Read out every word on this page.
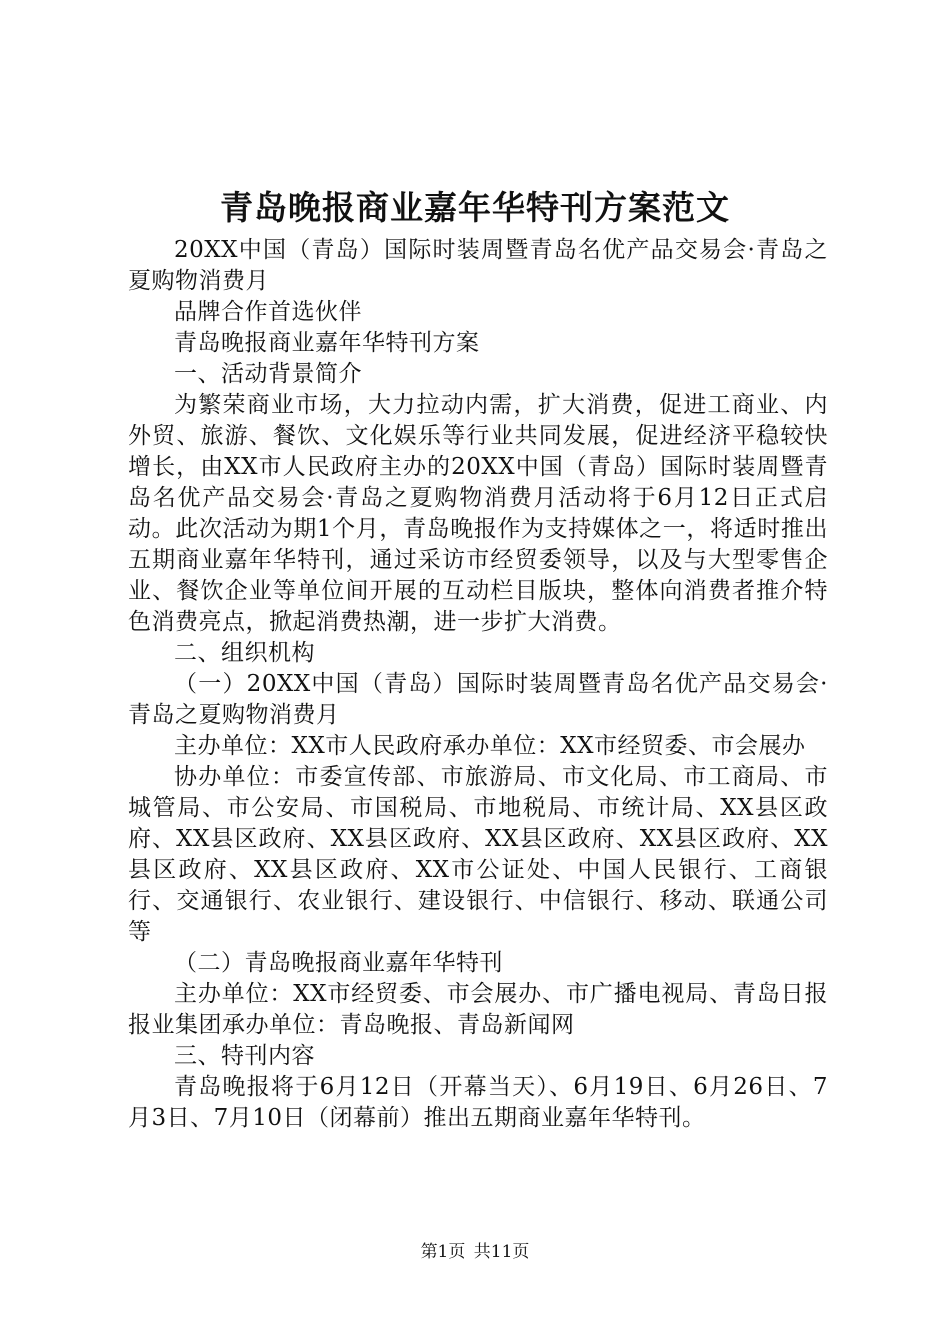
青岛晚报商业嘉年华特刊方案范文

20XX中国（青岛）国际时装周暨青岛名优产品交易会·青岛之夏购物消费月

品牌合作首选伙伴

青岛晚报商业嘉年华特刊方案

一、活动背景简介

为繁荣商业市场，大力拉动内需，扩大消费，促进工商业、内外贸、旅游、餐饮、文化娱乐等行业共同发展，促进经济平稳较快增长，由XX市人民政府主办的20XX中国（青岛）国际时装周暨青岛名优产品交易会·青岛之夏购物消费月活动将于6月12日正式启动。此次活动为期1个月，青岛晚报作为支持媒体之一，将适时推出五期商业嘉年华特刊，通过采访市经贸委领导，以及与大型零售企业、餐饮企业等单位间开展的互动栏目版块，整体向消费者推介特色消费亮点，掀起消费热潮，进一步扩大消费。

二、组织机构

（一）20XX中国（青岛）国际时装周暨青岛名优产品交易会·青岛之夏购物消费月

主办单位：XX市人民政府承办单位：XX市经贸委、市会展办

协办单位：市委宣传部、市旅游局、市文化局、市工商局、市城管局、市公安局、市国税局、市地税局、市统计局、XX县区政府、XX县区政府、XX县区政府、XX县区政府、XX县区政府、XX县区政府、XX县区政府、XX市公证处、中国人民银行、工商银行、交通银行、农业银行、建设银行、中信银行、移动、联通公司等

（二）青岛晚报商业嘉年华特刊

主办单位：XX市经贸委、市会展办、市广播电视局、青岛日报报业集团承办单位：青岛晚报、青岛新闻网

三、特刊内容

青岛晚报将于6月12日（开幕当天）、6月19日、6月26日、7月3日、7月10日（闭幕前）推出五期商业嘉年华特刊。

第1页 共11页
